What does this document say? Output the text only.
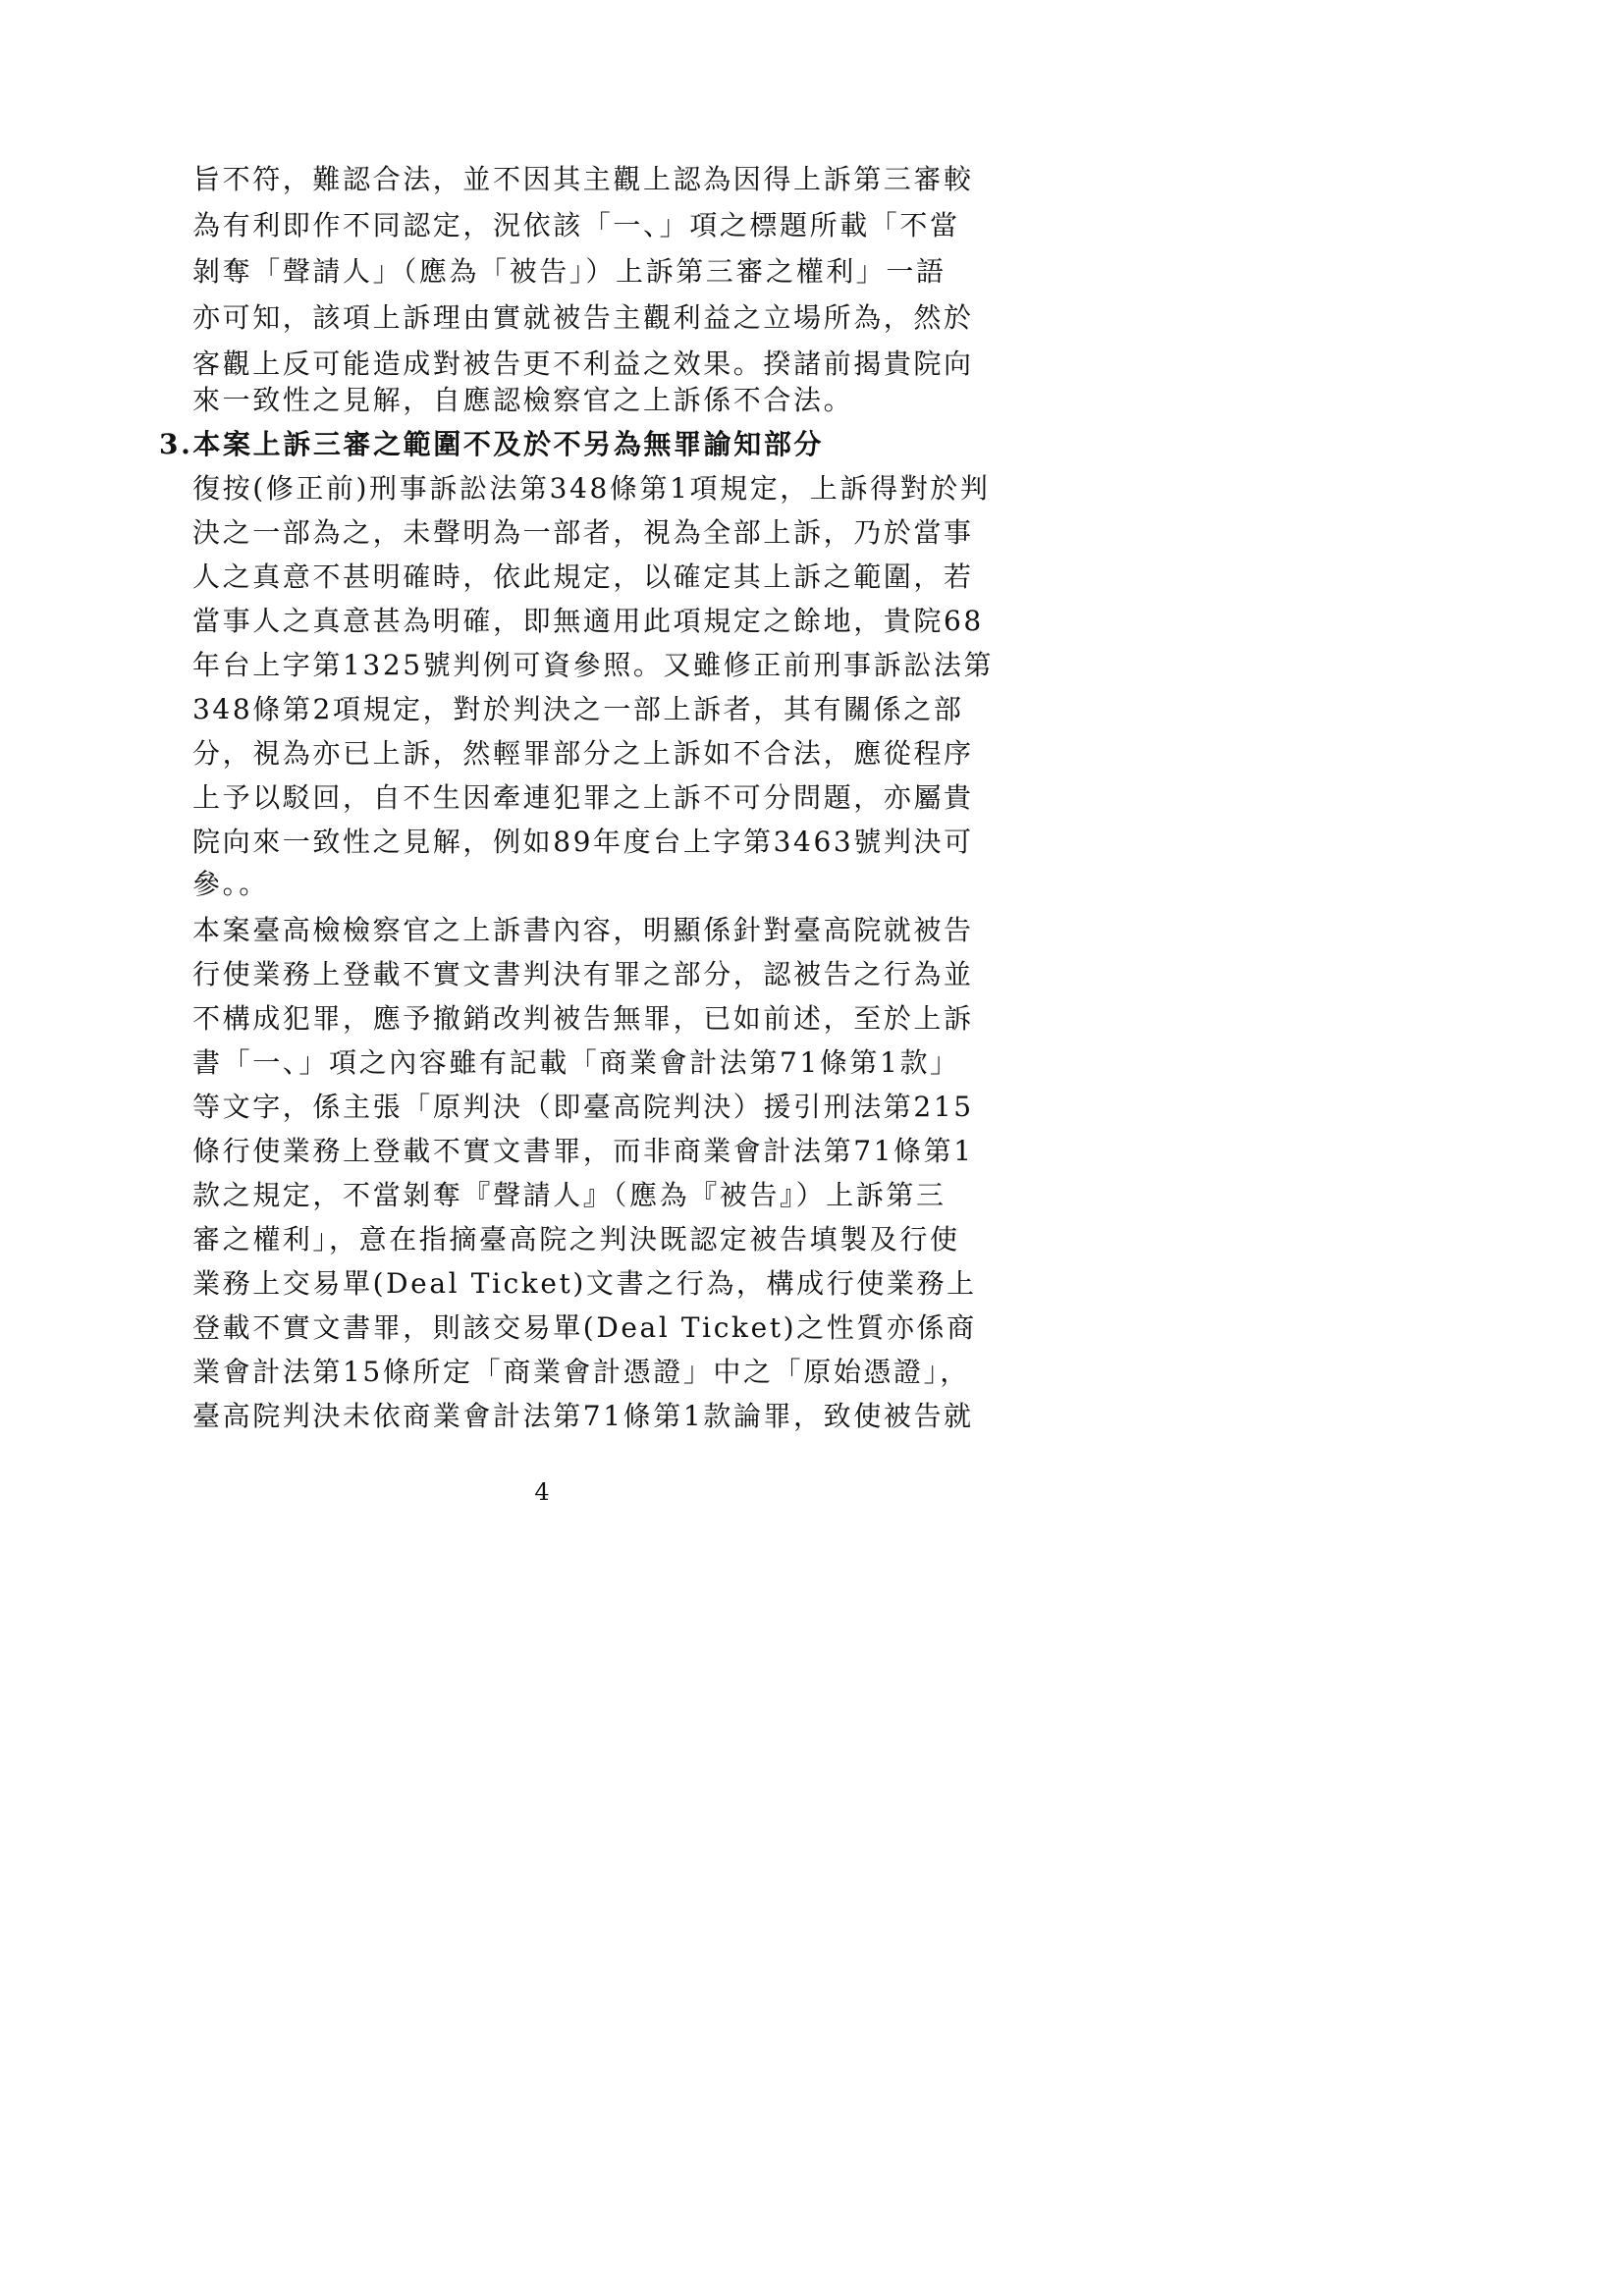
旨不符，難認合法，並不因其主觀上認為因得上訴第三審較
為有利即作不同認定，況依該「一、」項之標題所載「不當
剝奪「聲請人」（應為「被告」）上訴第三審之權利」一語
亦可知，該項上訴理由實就被告主觀利益之立場所為，然於
客觀上反可能造成對被告更不利益之效果。揆諸前揭貴院向
來一致性之見解，自應認檢察官之上訴係不合法。
3.本案上訴三審之範圍不及於不另為無罪諭知部分
復按(修正前)刑事訴訟法第348條第1項規定，上訴得對於判
決之一部為之，未聲明為一部者，視為全部上訴，乃於當事
人之真意不甚明確時，依此規定，以確定其上訴之範圍，若
當事人之真意甚為明確，即無適用此項規定之餘地，貴院68
年台上字第1325號判例可資參照。又雖修正前刑事訴訟法第
348條第2項規定，對於判決之一部上訴者，其有關係之部
分，視為亦已上訴，然輕罪部分之上訴如不合法，應從程序
上予以駁回，自不生因牽連犯罪之上訴不可分問題，亦屬貴
院向來一致性之見解，例如89年度台上字第3463號判決可
參。。
本案臺高檢檢察官之上訴書內容，明顯係針對臺高院就被告
行使業務上登載不實文書判決有罪之部分，認被告之行為並
不構成犯罪，應予撤銷改判被告無罪，已如前述，至於上訴
書「一、」項之內容雖有記載「商業會計法第71條第1款」
等文字，係主張「原判決（即臺高院判決）援引刑法第215
條行使業務上登載不實文書罪，而非商業會計法第71條第1
款之規定，不當剝奪『聲請人』（應為『被告』）上訴第三
審之權利」，意在指摘臺高院之判決既認定被告填製及行使
業務上交易單(Deal Ticket)文書之行為，構成行使業務上
登載不實文書罪，則該交易單(Deal Ticket)之性質亦係商
業會計法第15條所定「商業會計憑證」中之「原始憑證」，
臺高院判決未依商業會計法第71條第1款論罪，致使被告就
4
